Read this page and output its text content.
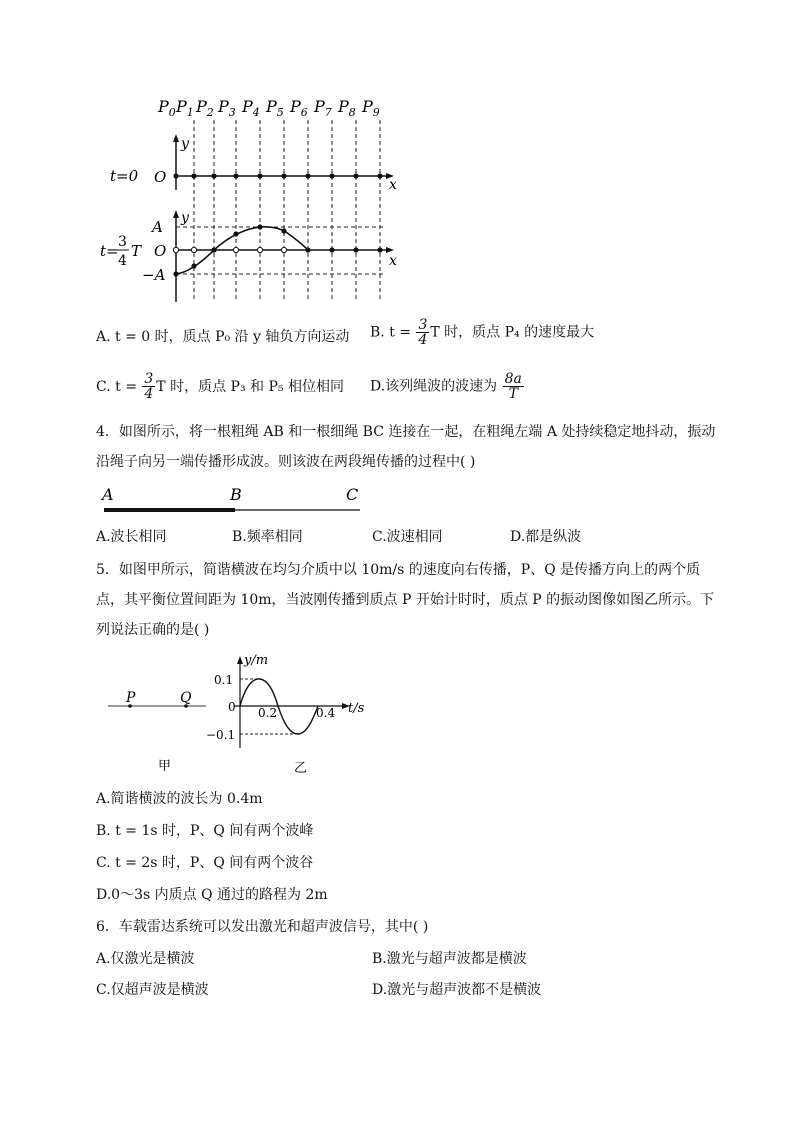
$P_0$ $P_1$ $P_2$ $P_3$ $P_4$ $P_5$ $P_6$ $P_7$ $P_8$ $P_9$
y
x
t=0 O
y
x
A
O
−A
t= 3
4
T
A. t = 0 时，质点 P₀ 沿 y 轴负方向运动 B. $t = \frac{3}{4}$ T 时，质点 P₄ 的速度最大
C. $t = \frac{3}{4}$ T 时，质点 P₃ 和 P₅ 相位相同 D.该列绳波的波速为 $\frac{8a}{T}$
4．如图所示，将一根粗绳 AB 和一根细绳 BC 连接在一起，在粗绳左端 A 处持续稳定地抖动，振动沿绳子向另一端传播形成波。则该波在两段绳传播的过程中( )
A	B	C
A.波长相同	B.频率相同	C.波速相同	D.都是纵波
5．如图甲所示，简谐横波在均匀介质中以 10m/s 的速度向右传播，P、Q 是传播方向上的两个质点，其平衡位置间距为 10m，当波刚传播到质点 P 开始计时时，质点 P 的振动图像如图乙所示。下列说法正确的是( )
P	Q
甲
y/m
t/s
0.1
−0.1
0 0.2	0.4
乙
A.简谐横波的波长为 0.4m
B. t = 1s 时，P、Q 间有两个波峰
C. t = 2s 时，P、Q 间有两个波谷
D.0～3s 内质点 Q 通过的路程为 2m
6．车载雷达系统可以发出激光和超声波信号，其中( )
A.仅激光是横波	B.激光与超声波都是横波
C.仅超声波是横波	D.激光与超声波都不是横波
